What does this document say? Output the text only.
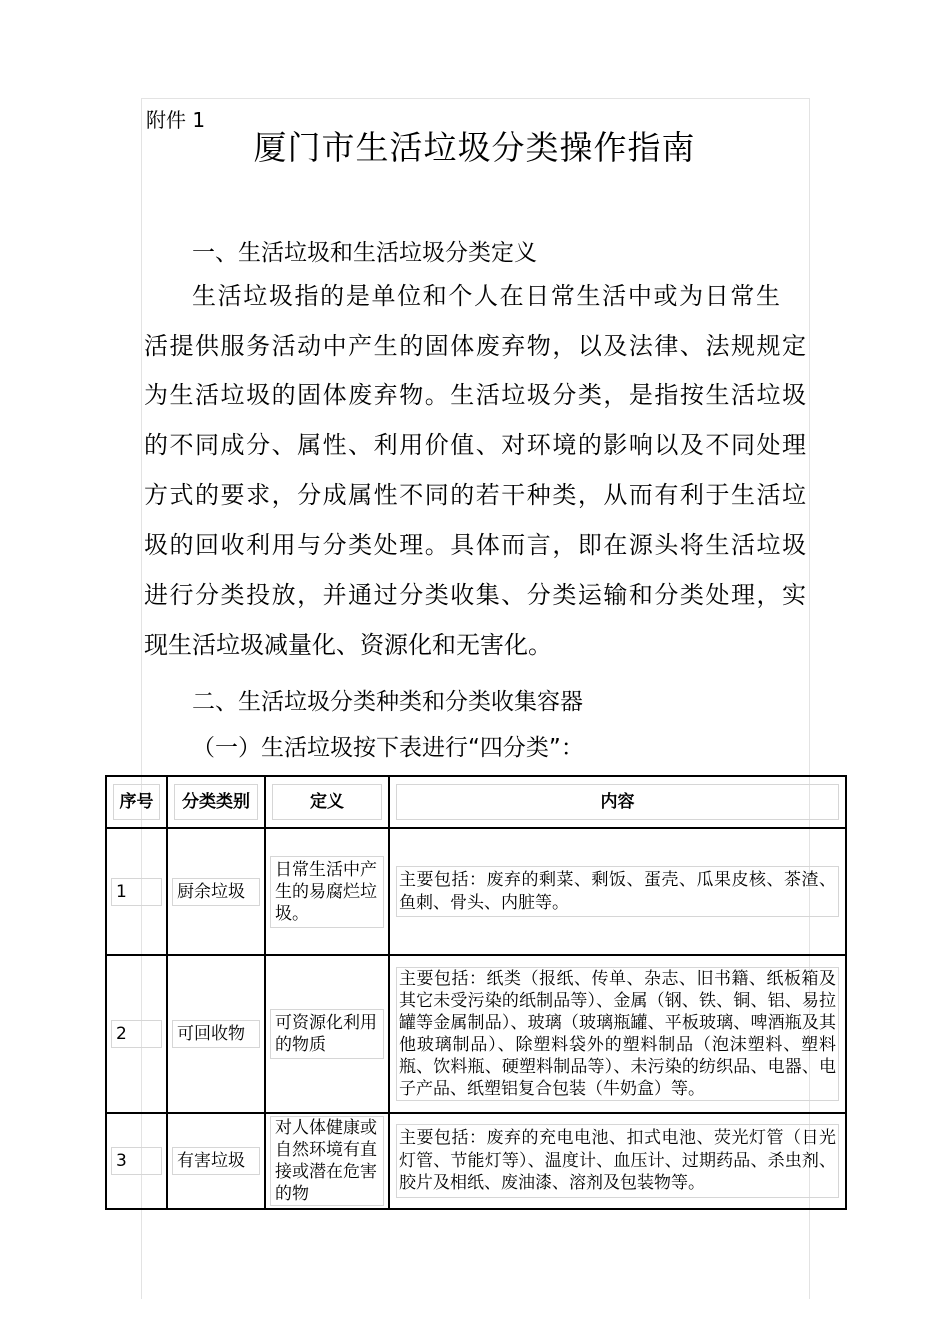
附件 1
厦门市生活垃圾分类操作指南
一、生活垃圾和生活垃圾分类定义
生活垃圾指的是单位和个人在日常生活中或为日常生
活提供服务活动中产生的固体废弃物，以及法律、法规规定
为生活垃圾的固体废弃物。生活垃圾分类，是指按生活垃圾
的不同成分、属性、利用价值、对环境的影响以及不同处理
方式的要求，分成属性不同的若干种类，从而有利于生活垃
圾的回收利用与分类处理。具体而言，即在源头将生活垃圾
进行分类投放，并通过分类收集、分类运输和分类处理，实
现生活垃圾减量化、资源化和无害化。
二、生活垃圾分类种类和分类收集容器
（一）生活垃圾按下表进行“四分类”：
序号	分类类别	定义	内容

1	厨余垃圾	日常生活中产生的易腐烂垃圾。	主要包括：废弃的剩菜、剩饭、蛋壳、瓜果皮核、茶渣、鱼刺、骨头、内脏等。

2	可回收物	可资源化利用的物质	主要包括：纸类（报纸、传单、杂志、旧书籍、纸板箱及其它未受污染的纸制品等）、金属（钢、铁、铜、铝、易拉罐等金属制品）、玻璃（玻璃瓶罐、平板玻璃、啤酒瓶及其他玻璃制品）、除塑料袋外的塑料制品（泡沫塑料、塑料瓶、饮料瓶、硬塑料制品等）、未污染的纺织品、电器、电子产品、纸塑铝复合包装（牛奶盒）等。

3	有害垃圾	对人体健康或自然环境有直接或潜在危害的物	主要包括：废弃的充电电池、扣式电池、荧光灯管（日光灯管、节能灯等）、温度计、血压计、过期药品、杀虫剂、胶片及相纸、废油漆、溶剂及包装物等。
